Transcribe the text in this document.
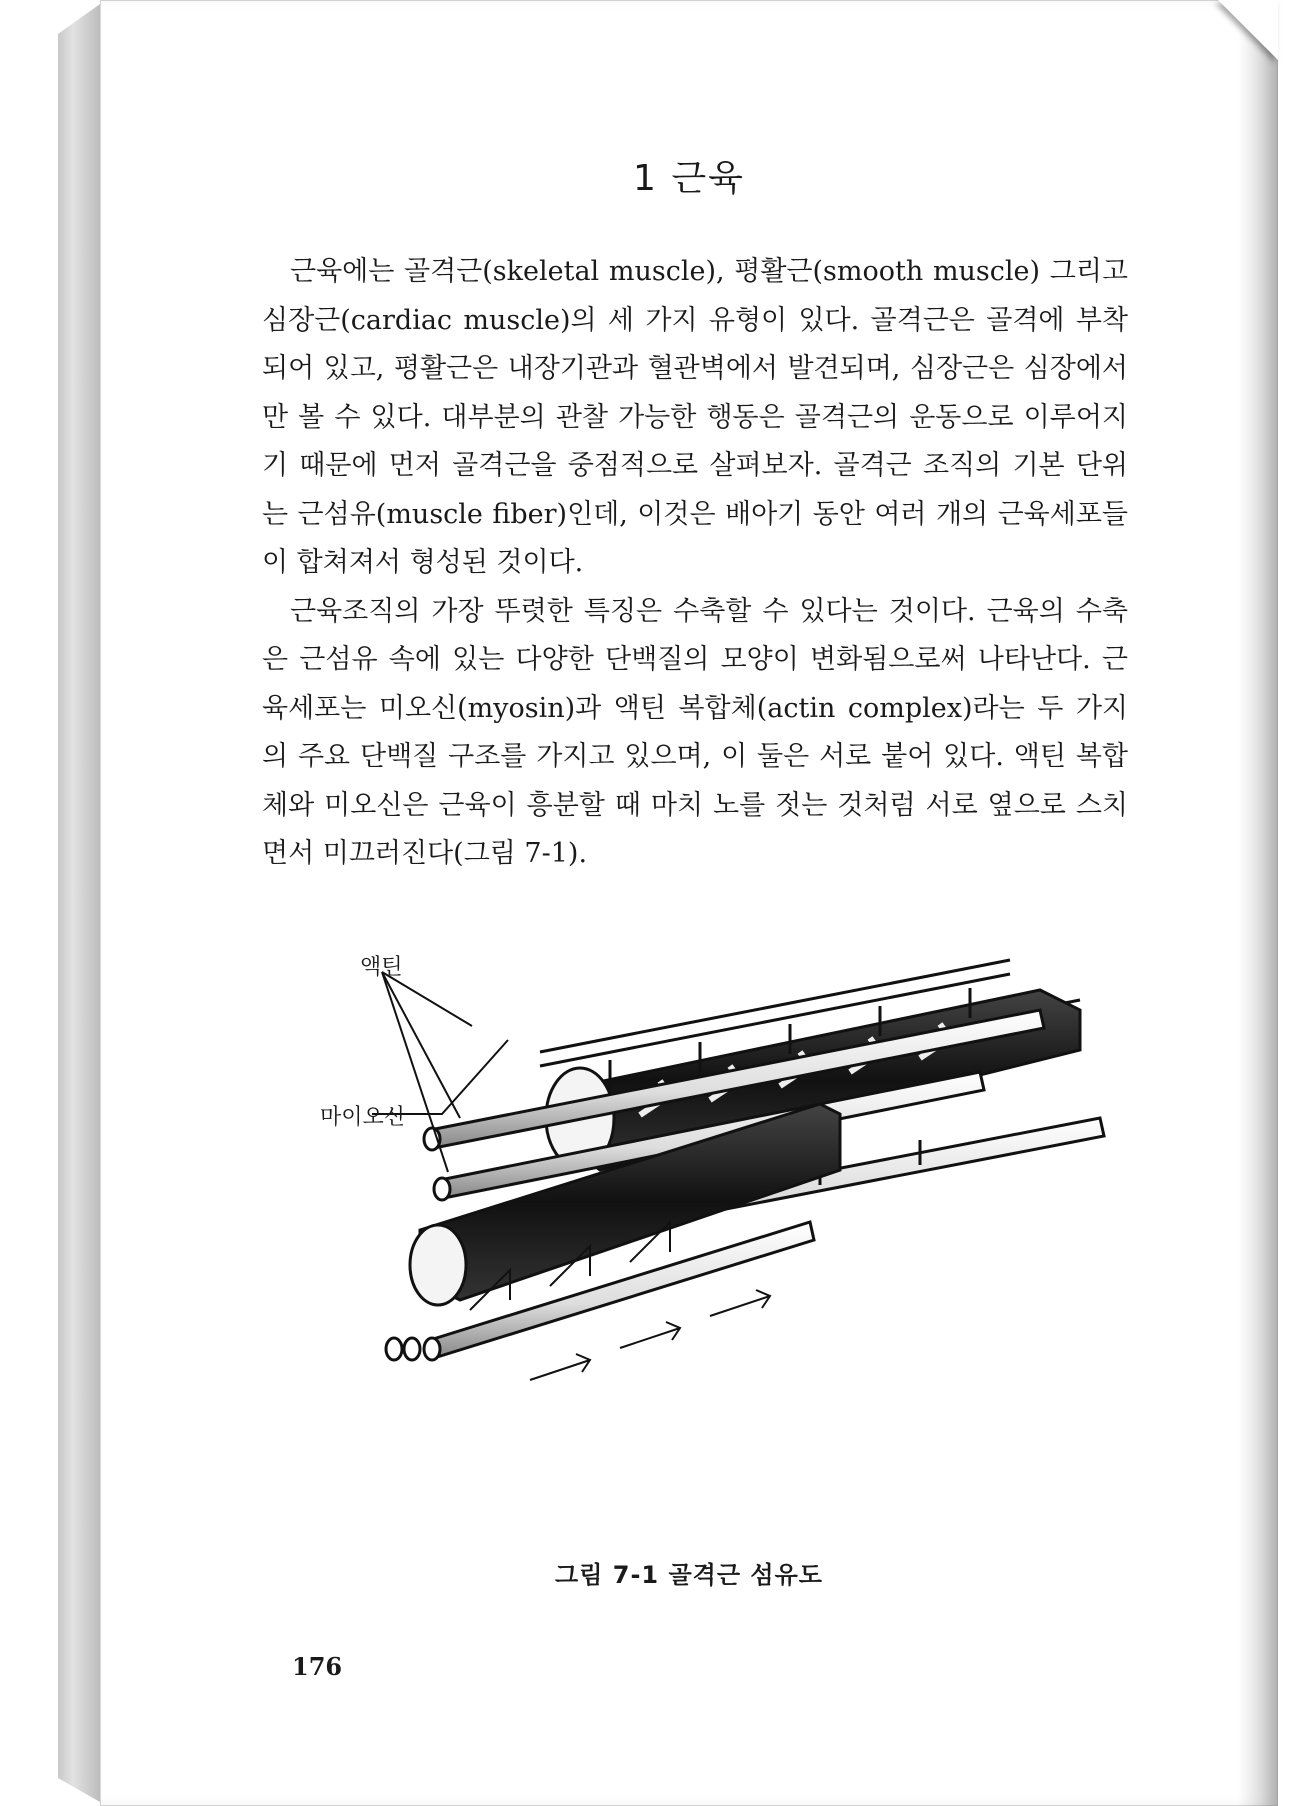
1 근육

근육에는 골격근(skeletal muscle), 평활근(smooth muscle) 그리고 심장근(cardiac muscle)의 세 가지 유형이 있다. 골격근은 골격에 부착되어 있고, 평활근은 내장기관과 혈관벽에서 발견되며, 심장근은 심장에서만 볼 수 있다. 대부분의 관찰 가능한 행동은 골격근의 운동으로 이루어지기 때문에 먼저 골격근을 중점적으로 살펴보자. 골격근 조직의 기본 단위는 근섬유(muscle fiber)인데, 이것은 배아기 동안 여러 개의 근육세포들이 합쳐져서 형성된 것이다.

근육조직의 가장 뚜렷한 특징은 수축할 수 있다는 것이다. 근육의 수축은 근섬유 속에 있는 다양한 단백질의 모양이 변화됨으로써 나타난다. 근육세포는 미오신(myosin)과 액틴 복합체(actin complex)라는 두 가지의 주요 단백질 구조를 가지고 있으며, 이 둘은 서로 붙어 있다. 액틴 복합체와 미오신은 근육이 흥분할 때 마치 노를 젓는 것처럼 서로 옆으로 스치면서 미끄러진다(그림 7-1).

액틴
마이오신
그림 7-1 골격근 섬유도
176
